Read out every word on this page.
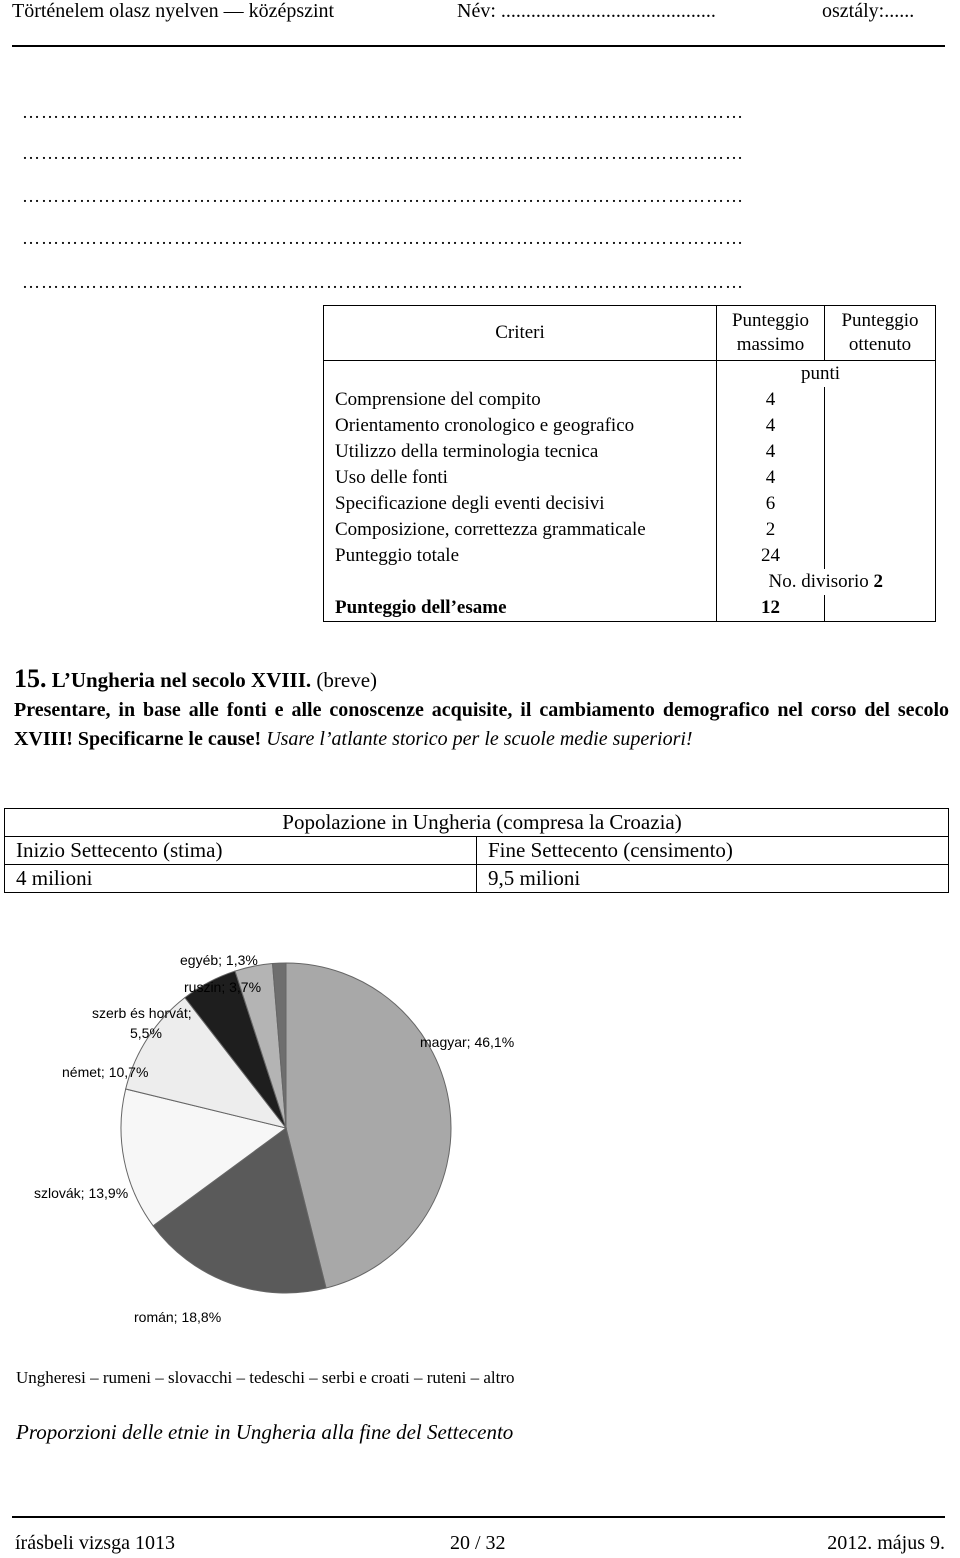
Történelem olasz nyelven — középszint	Név: ...........................................	osztály:......
……………………………………………………………………………………………………
……………………………………………………………………………………………………
……………………………………………………………………………………………………
……………………………………………………………………………………………………
……………………………………………………………………………………………………
Criteri	Punteggio massimo	Punteggio ottenuto
	punti	
Comprensione del compito	4	
Orientamento cronologico e geografico	4	
Utilizzo della terminologia tecnica	4	
Uso delle fonti	4	
Specificazione degli eventi decisivi	6	
Composizione, correttezza grammaticale	2	
Punteggio totale	24	
	No. divisorio 2	
Punteggio dell’esame	12	
15. L’Ungheria nel secolo XVIII. (breve)
Presentare, in base alle fonti e alle conoscenze acquisite, il cambiamento demografico nel corso del secolo XVIII! Specificarne le cause! Usare l’atlante storico per le scuole medie superiori!
Popolazione in Ungheria (compresa la Croazia)	
Inizio Settecento (stima)	Fine Settecento (censimento)
4 milioni	9,5 milioni
magyar; 46,1%
román; 18,8%
szlovák; 13,9%
német; 10,7%
szerb és horvát; 5,5%
ruszin; 3,7%
egyéb; 1,3%
Ungheresi – rumeni – slovacchi – tedeschi – serbi e croati – ruteni – altro
Proporzioni delle etnie in Ungheria alla fine del Settecento
írásbeli vizsga 1013	20 / 32	2012. május 9.
